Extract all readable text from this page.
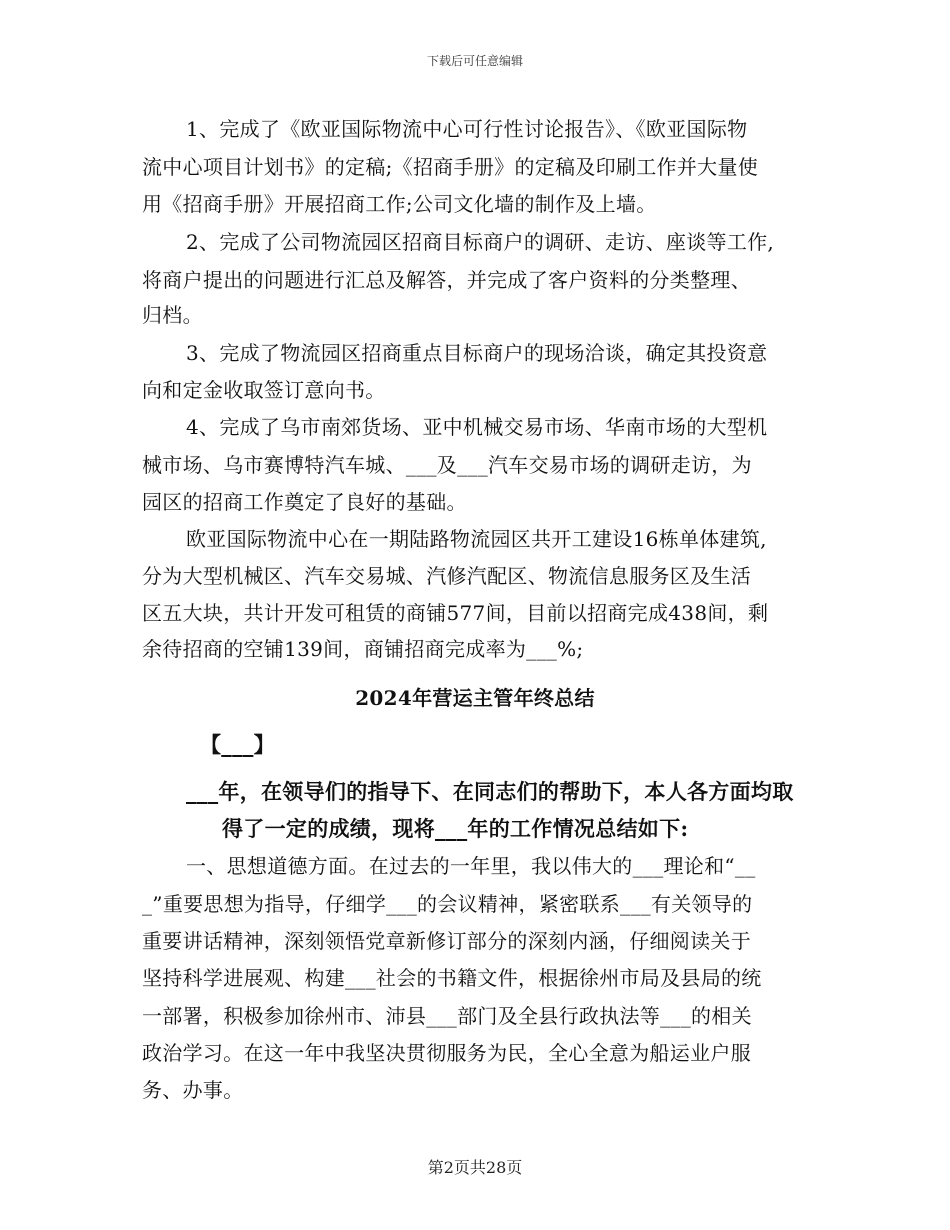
下载后可任意编辑
1、完成了《欧亚国际物流中心可行性讨论报告》、《欧亚国际物
流中心项目计划书》的定稿;《招商手册》的定稿及印刷工作并大量使
用《招商手册》开展招商工作;公司文化墙的制作及上墙。
2、完成了公司物流园区招商目标商户的调研、走访、座谈等工作,
将商户提出的问题进行汇总及解答，并完成了客户资料的分类整理、
归档。
3、完成了物流园区招商重点目标商户的现场洽谈，确定其投资意
向和定金收取签订意向书。
4、完成了乌市南郊货场、亚中机械交易市场、华南市场的大型机
械市场、乌市赛博特汽车城、___及___汽车交易市场的调研走访，为
园区的招商工作奠定了良好的基础。
欧亚国际物流中心在一期陆路物流园区共开工建设16栋单体建筑,
分为大型机械区、汽车交易城、汽修汽配区、物流信息服务区及生活
区五大块，共计开发可租赁的商铺577间，目前以招商完成438间，剩
余待招商的空铺139间，商铺招商完成率为___%;
2024年营运主管年终总结
【___】
___年，在领导们的指导下、在同志们的帮助下，本人各方面均取
得了一定的成绩，现将___年的工作情况总结如下:
一、思想道德方面。在过去的一年里，我以伟大的___理论和“__
_”重要思想为指导，仔细学___的会议精神，紧密联系___有关领导的
重要讲话精神，深刻领悟党章新修订部分的深刻内涵，仔细阅读关于
坚持科学进展观、构建___社会的书籍文件，根据徐州市局及县局的统
一部署，积极参加徐州市、沛县___部门及全县行政执法等___的相关
政治学习。在这一年中我坚决贯彻服务为民，全心全意为船运业户服
务、办事。
第2页共28页
